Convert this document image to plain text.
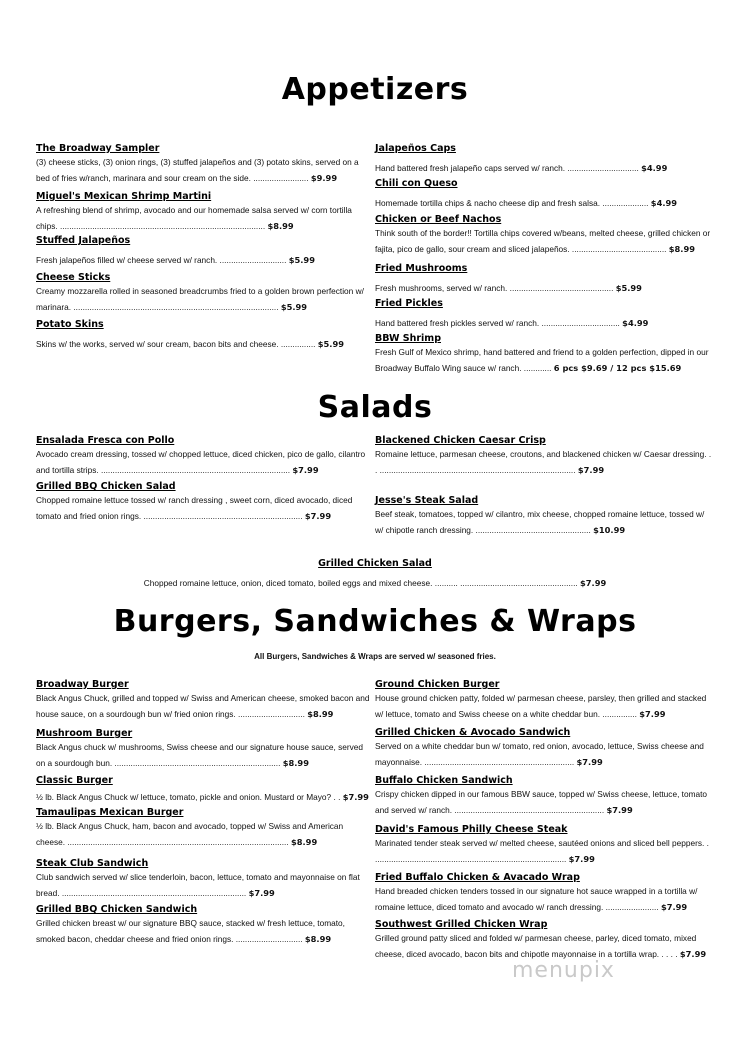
Appetizers
The Broadway Sampler
(3) cheese sticks, (3) onion rings, (3) stuffed jalapeños and (3) potato skins, served on a bed of fries w/ranch, marinara and sour cream on the side. ........................ $9.99
Miguel's Mexican Shrimp Martini
A refreshing blend of shrimp, avocado and our homemade salsa served w/ corn tortilla chips. ......................................................................................... $8.99
Stuffed Jalapeños
Fresh jalapeños filled w/ cheese served w/ ranch. ............................. $5.99
Cheese Sticks
Creamy mozzarella rolled in seasoned breadcrumbs fried to a golden brown perfection w/ marinara. ......................................................................................... $5.99
Potato Skins
Skins w/ the works, served w/ sour cream, bacon bits and cheese. ............... $5.99
Jalapeños Caps
Hand battered fresh jalapeño caps served w/ ranch. ............................... $4.99
Chili con Queso
Homemade tortilla chips & nacho cheese dip and fresh salsa. .................... $4.99
Chicken or Beef Nachos
Think south of the border!! Tortilla chips covered w/beans, melted cheese, grilled chicken or fajita, pico de gallo, sour cream and sliced jalapeños. ......................................... $8.99
Fried Mushrooms
Fresh mushrooms, served w/ ranch. ............................................. $5.99
Fried Pickles
Hand battered fresh pickles served w/ ranch. .................................. $4.99
BBW Shrimp
Fresh Gulf of Mexico shrimp, hand battered and friend to a golden perfection, dipped in our Broadway Buffalo Wing sauce w/ ranch. ............ 6 pcs $9.69 / 12 pcs $15.69
Salads
Ensalada Fresca con Pollo
Avocado cream dressing, tossed w/ chopped lettuce, diced chicken, pico de gallo, cilantro and tortilla strips. .................................................................................. $7.99
Grilled BBQ Chicken Salad
Chopped romaine lettuce tossed w/ ranch dressing , sweet corn, diced avocado, diced tomato and fried onion rings. ..................................................................... $7.99
Blackened Chicken Caesar Crisp
Romaine lettuce, parmesan cheese, croutons, and blackened chicken w/ Caesar dressing. . . ..................................................................................... $7.99
Jesse's Steak Salad
Beef steak, tomatoes, topped w/ cilantro, mix cheese, chopped romaine lettuce, tossed w/ w/ chipotle ranch dressing. .................................................. $10.99
Grilled Chicken Salad
Chopped romaine lettuce, onion, diced tomato, boiled eggs and mixed cheese. .......... ................................................... $7.99
Burgers, Sandwiches & Wraps
All Burgers, Sandwiches & Wraps are served w/ seasoned fries.
Broadway Burger
Black Angus Chuck, grilled and topped w/ Swiss and American cheese, smoked bacon and house sauce, on a sourdough bun w/ fried onion rings. ............................. $8.99
Mushroom Burger
Black Angus chuck w/ mushrooms, Swiss cheese and our signature house sauce, served on a sourdough bun. ........................................................................ $8.99
Classic Burger
½ lb. Black Angus Chuck w/ lettuce, tomato, pickle and onion. Mustard or Mayo? . . $7.99
Tamaulipas Mexican Burger
½ lb. Black Angus Chuck, ham, bacon and avocado, topped w/ Swiss and American cheese. ................................................................................................ $8.99
Steak Club Sandwich
Club sandwich served w/ slice tenderloin, bacon, lettuce, tomato and mayonnaise on flat bread. ................................................................................ $7.99
Grilled BBQ Chicken Sandwich
Grilled chicken breast w/ our signature BBQ sauce, stacked w/ fresh lettuce, tomato, smoked bacon, cheddar cheese and fried onion rings. ............................. $8.99
Ground Chicken Burger
House ground chicken patty, folded w/ parmesan cheese, parsley, then grilled and stacked w/ lettuce, tomato and Swiss cheese on a white cheddar bun. ............... $7.99
Grilled Chicken & Avocado Sandwich
Served on a white cheddar bun w/ tomato, red onion, avocado, lettuce, Swiss cheese and mayonnaise. ................................................................. $7.99
Buffalo Chicken Sandwich
Crispy chicken dipped in our famous BBW sauce, topped w/ Swiss cheese, lettuce, tomato and served w/ ranch. ................................................................. $7.99
David's Famous Philly Cheese Steak
Marinated tender steak served w/ melted cheese, sautéed onions and sliced bell peppers. . ................................................................................... $7.99
Fried Buffalo Chicken & Avacado Wrap
Hand breaded chicken tenders tossed in our signature hot sauce wrapped in a tortilla w/ romaine lettuce, diced tomato and avocado w/ ranch dressing. ....................... $7.99
Southwest Grilled Chicken Wrap
Grilled ground patty sliced and folded w/ parmesan cheese, parley, diced tomato, mixed cheese, diced avocado, bacon bits and chipotle mayonnaise in a tortilla wrap. . . . . $7.99
menupix
